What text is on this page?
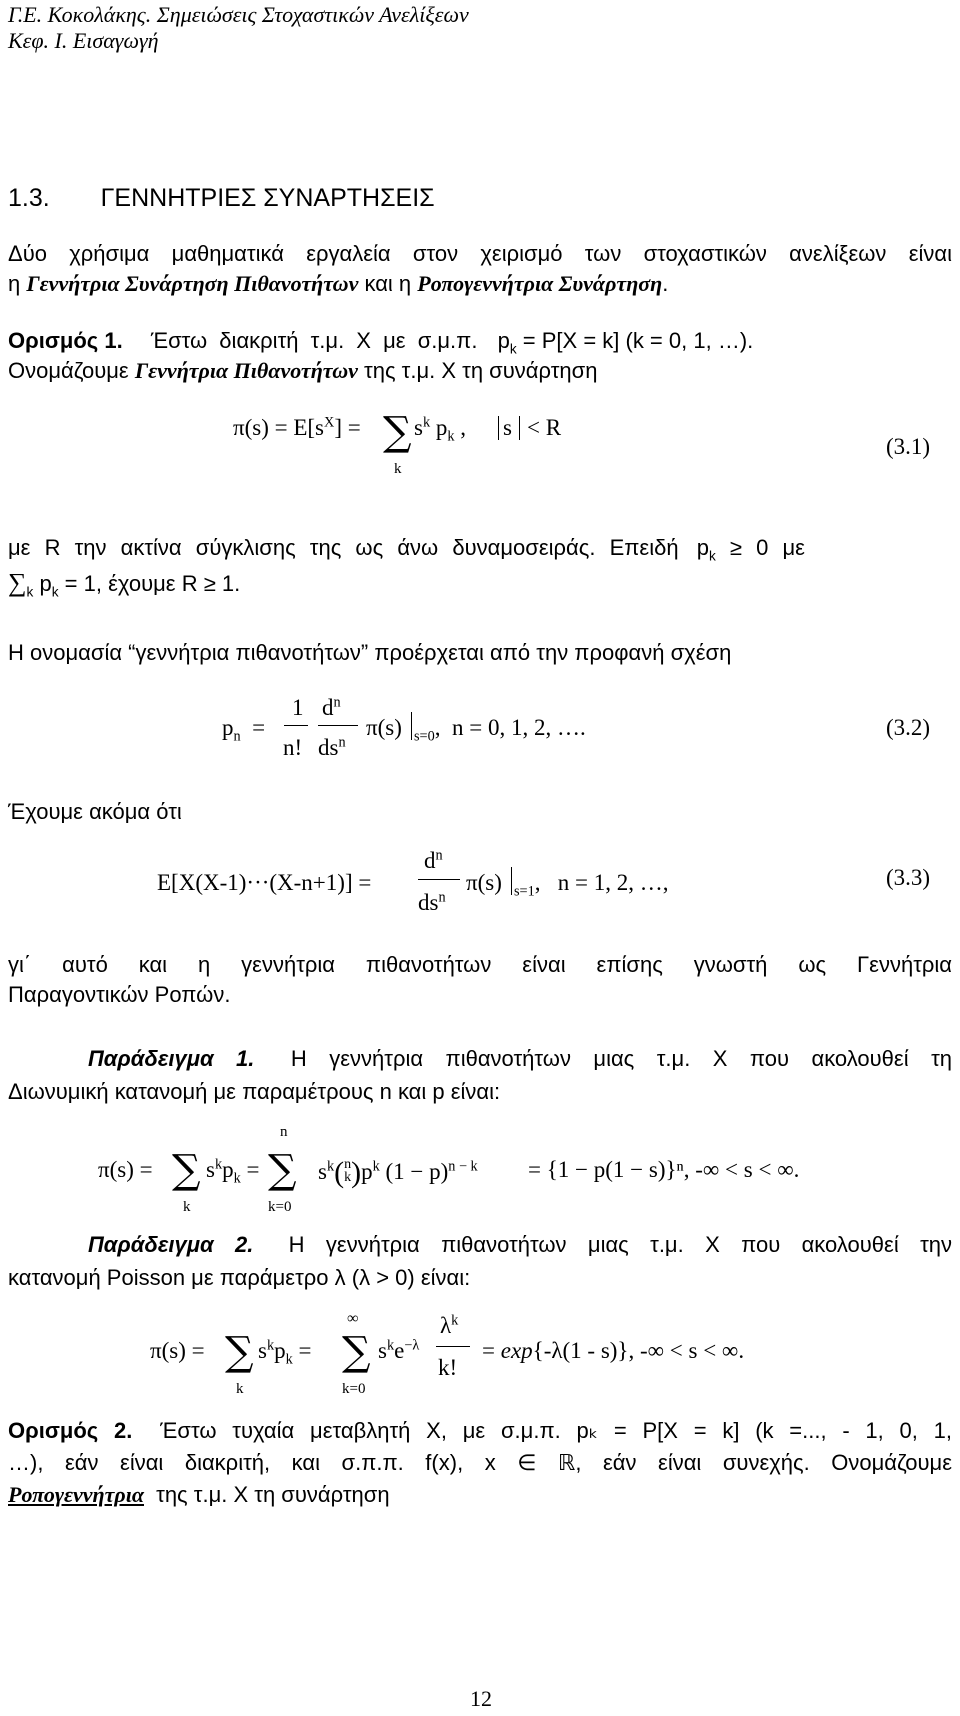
Γ.Ε. Κοκολάκης. Σημειώσεις Στοχαστικών Ανελίξεων
Κεφ. Ι. Εισαγωγή
1.3. ΓΕΝΝΗΤΡΙΕΣ ΣΥΝΑΡΤΗΣΕΙΣ
Δύο χρήσιμα μαθηματικά εργαλεία στον χειρισμό των στοχαστικών ανελίξεων είναι
η Γεννήτρια Συνάρτηση Πιθανοτήτων και η Ροπογεννήτρια Συνάρτηση.
Ορισμός 1. Έστω διακριτή τ.μ. X με σ.μ.π. $p_k = P[X = k] (k = 0$, 1, …).
Ονομάζουμε Γεννήτρια Πιθανοτήτων της τ.μ. X τη συνάρτηση
$\pi(s) = E[s^X]$ = ∑
k
$s^k$ $p_k$ , s < R
(3.1)
με R την ακτίνα σύγκλισης της ως άνω δυναμοσειράς. Επειδή $p_k \ge 0$ με
$\sum_k$ $p_k = 1$, έχουμε R ≥ 1.
Η ονομασία “γεννήτρια πιθανοτήτων” προέρχεται από την προφανή σχέση
$p_n$  =
1
n!
$d^n$
$ds^n$
π(s) $_{s=0}$,  n = 0, 1, 2, ….	(3.2)
Έχουμε ακόμα ότι
E[X(X-1)···(X-n+1)] =
$d^n$
$ds^n$
π(s) $_{s=1}$,   n = 1, 2, …,	(3.3)
γι΄ αυτό και η γεννήτρια πιθανοτήτων είναι επίσης γνωστή ως Γεννήτρια
Παραγοντικών Ροπών.
Παράδειγμα 1. Η γεννήτρια πιθανοτήτων μιας τ.μ. X που ακολουθεί τη
Διωνυμική κατανομή με παραμέτρους n και p είναι:
π(s) = ∑
k
$s^kp_k$ =
n
∑
k=0
$s^k(n$
$k)p^k$ $(1 - p)^{n - k} = \{1 - p(1 - s)\}^n$, -∞ < s < ∞.
Παράδειγμα 2. Η γεννήτρια πιθανοτήτων μιας τ.μ. X που ακολουθεί την
κατανομή Poisson με παράμετρο λ (λ > 0) είναι:
π(s) = ∑
k
$s^kp_k$ =
∞
∑
k=0
$s^ke^{-\lambda}$
$\lambda^k$
k!
= exp{-λ(1 - s)}, -∞ < s < ∞.
Ορισμός 2. Έστω τυχαία μεταβλητή X, με σ.μ.π. pₖ = P[X = k] (k =..., - 1, 0, 1,
…), εάν είναι διακριτή, και σ.π.π. f(x), x ∈ ℝ, εάν είναι συνεχής. Ονομάζουμε
Ροπογεννήτρια της τ.μ. X τη συνάρτηση
12
